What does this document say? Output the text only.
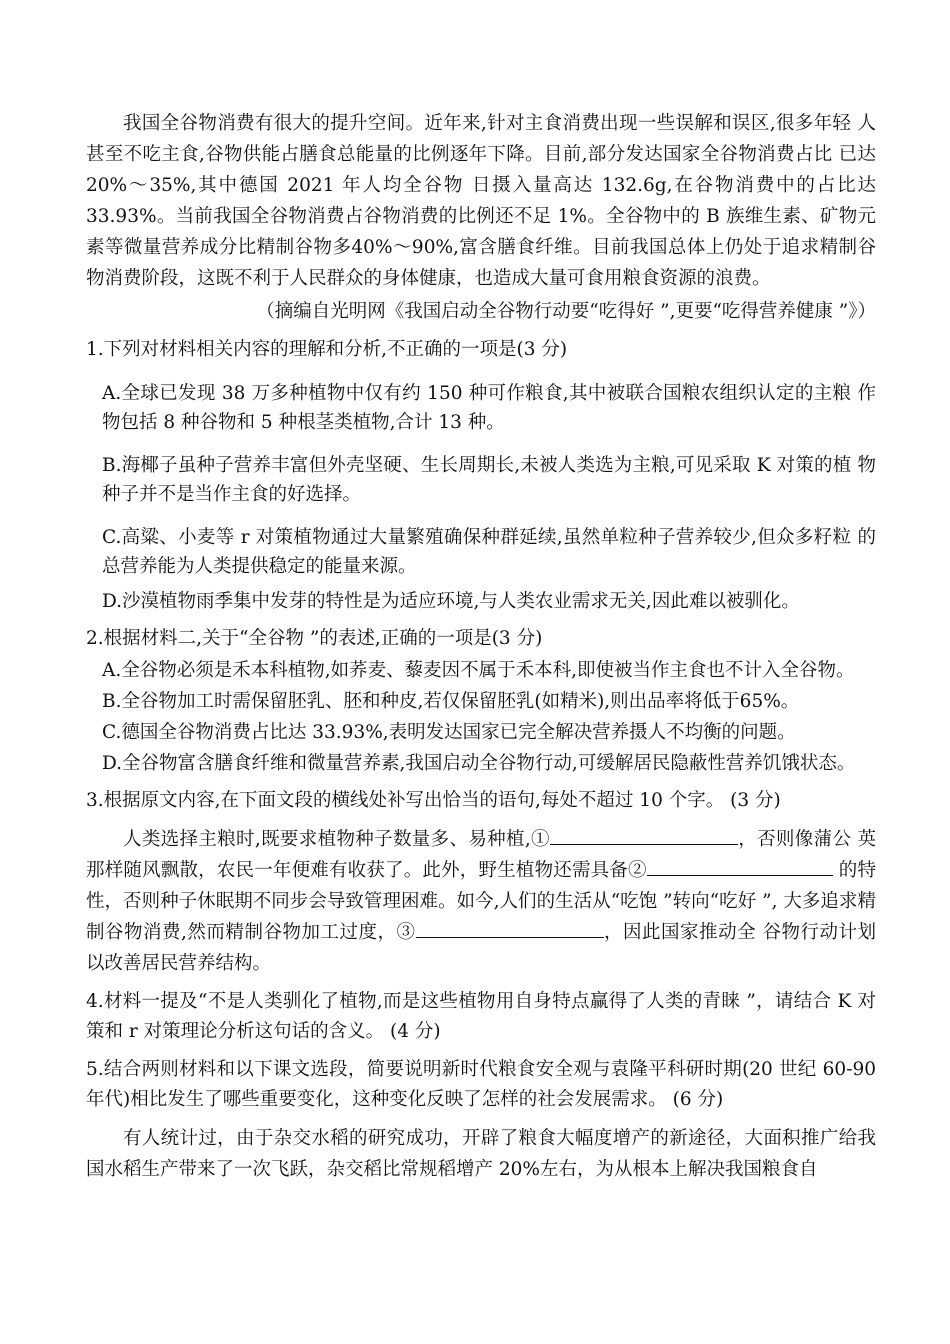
我国全谷物消费有很大的提升空间。近年来,针对主食消费出现一些误解和误区,很多年轻 人甚至不吃主食,谷物供能占膳食总能量的比例逐年下降。目前,部分发达国家全谷物消费占比 已达 20%～35%,其中德国 2021 年人均全谷物 日摄入量高达 132.6g,在谷物消费中的占比达 33.93%。当前我国全谷物消费占谷物消费的比例还不足 1%。全谷物中的 B 族维生素、矿物元 素等微量营养成分比精制谷物多40%～90%,富含膳食纤维。目前我国总体上仍处于追求精制谷 物消费阶段，这既不利于人民群众的身体健康，也造成大量可食用粮食资源的浪费。

（摘编自光明网《我国启动全谷物行动要“吃得好 ”,更要“吃得营养健康 ”》）

1.下列对材料相关内容的理解和分析,不正确的一项是(3 分)

A.全球已发现 38 万多种植物中仅有约 150 种可作粮食,其中被联合国粮农组织认定的主粮 作物包括 8 种谷物和 5 种根茎类植物,合计 13 种。

B.海椰子虽种子营养丰富但外壳坚硬、生长周期长,未被人类选为主粮,可见采取 K 对策的植 物种子并不是当作主食的好选择。

C.高粱、小麦等 r 对策植物通过大量繁殖确保种群延续,虽然单粒种子营养较少,但众多籽粒 的总营养能为人类提供稳定的能量来源。

D.沙漠植物雨季集中发芽的特性是为适应环境,与人类农业需求无关,因此难以被驯化。

2.根据材料二,关于“全谷物 ”的表述,正确的一项是(3 分)

A.全谷物必须是禾本科植物,如荞麦、藜麦因不属于禾本科,即使被当作主食也不计入全谷物。

B.全谷物加工时需保留胚乳、胚和种皮,若仅保留胚乳(如精米),则出品率将低于65%。

C.德国全谷物消费占比达 33.93%,表明发达国家已完全解决营养摄人不均衡的问题。

D.全谷物富含膳食纤维和微量营养素,我国启动全谷物行动,可缓解居民隐蔽性营养饥饿状态。

3.根据原文内容,在下面文段的横线处补写出恰当的语句,每处不超过 10 个字。 (3 分)

人类选择主粮时,既要求植物种子数量多、易种植,①	，否则像蒲公 英那样随风飘散，农民一年便难有收获了。此外，野生植物还需具备②	的特性，否则种子休眠期不同步会导致管理困难。如今,人们的生活从“吃饱 ”转向“吃好 ”, 大多追求精制谷物消费,然而精制谷物加工过度，③	，因此国家推动全 谷物行动计划以改善居民营养结构。

4.材料一提及“不是人类驯化了植物,而是这些植物用自身特点赢得了人类的青睐 ”，请结合 K 对策和 r 对策理论分析这句话的含义。 (4 分)

5.结合两则材料和以下课文选段，简要说明新时代粮食安全观与袁隆平科研时期(20 世纪 60-90 年代)相比发生了哪些重要变化，这种变化反映了怎样的社会发展需求。 (6 分)

有人统计过，由于杂交水稻的研究成功，开辟了粮食大幅度增产的新途径，大面积推广给我国水稻生产带来了一次飞跃，杂交稻比常规稻增产 20%左右，为从根本上解决我国粮食自
